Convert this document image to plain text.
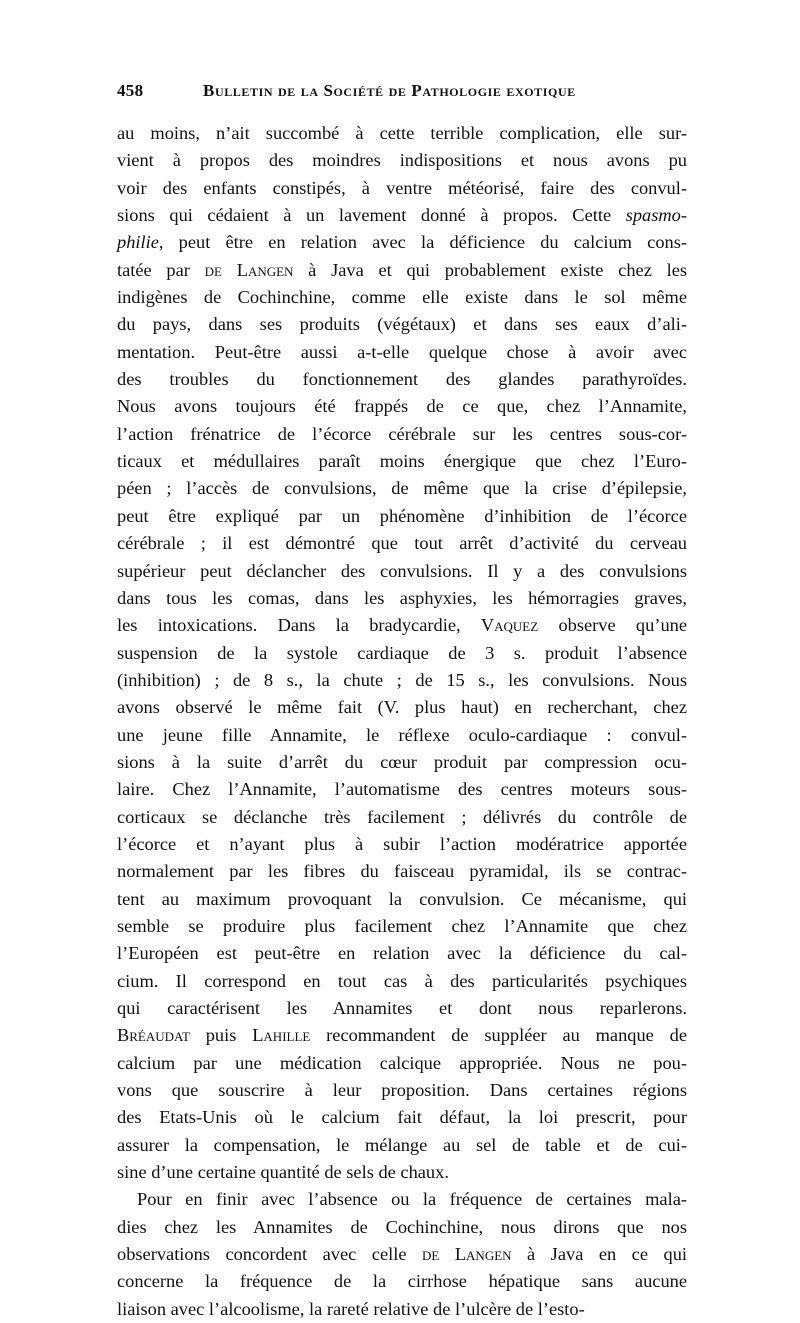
458	Bulletin de la Société de Pathologie exotique

au moins, n’ait succombé à cette terrible complication, elle sur-
vient à propos des moindres indispositions et nous avons pu
voir des enfants constipés, à ventre météorisé, faire des convul-
sions qui cédaient à un lavement donné à propos. Cette spasmo-
philie, peut être en relation avec la déficience du calcium cons-
tatée par de Langen à Java et qui probablement existe chez les
indigènes de Cochinchine, comme elle existe dans le sol même
du pays, dans ses produits (végétaux) et dans ses eaux d’ali-
mentation. Peut-être aussi a-t-elle quelque chose à avoir avec
des troubles du fonctionnement des glandes parathyroïdes.
Nous avons toujours été frappés de ce que, chez l’Annamite,
l’action frénatrice de l’écorce cérébrale sur les centres sous-cor-
ticaux et médullaires paraît moins énergique que chez l’Euro-
péen ; l’accès de convulsions, de même que la crise d’épilepsie,
peut être expliqué par un phénomène d’inhibition de l’écorce
cérébrale ; il est démontré que tout arrêt d’activité du cerveau
supérieur peut déclancher des convulsions. Il y a des convulsions
dans tous les comas, dans les asphyxies, les hémorragies graves,
les intoxications. Dans la bradycardie, Vaquez observe qu’une
suspension de la systole cardiaque de 3 s. produit l’absence
(inhibition) ; de 8 s., la chute ; de 15 s., les convulsions. Nous
avons observé le même fait (V. plus haut) en recherchant, chez
une jeune fille Annamite, le réflexe oculo-cardiaque : convul-
sions à la suite d’arrêt du cœur produit par compression ocu-
laire. Chez l’Annamite, l’automatisme des centres moteurs sous-
corticaux se déclanche très facilement ; délivrés du contrôle de
l’écorce et n’ayant plus à subir l’action modératrice apportée
normalement par les fibres du faisceau pyramidal, ils se contrac-
tent au maximum provoquant la convulsion. Ce mécanisme, qui
semble se produire plus facilement chez l’Annamite que chez
l’Européen est peut-être en relation avec la déficience du cal-
cium. Il correspond en tout cas à des particularités psychiques
qui caractérisent les Annamites et dont nous reparlerons.
Bréaudat puis Lahille recommandent de suppléer au manque de
calcium par une médication calcique appropriée. Nous ne pou-
vons que souscrire à leur proposition. Dans certaines régions
des Etats-Unis où le calcium fait défaut, la loi prescrit, pour
assurer la compensation, le mélange au sel de table et de cui-
sine d’une certaine quantité de sels de chaux.

Pour en finir avec l’absence ou la fréquence de certaines mala-
dies chez les Annamites de Cochinchine, nous dirons que nos
observations concordent avec celle de Langen à Java en ce qui
concerne la fréquence de la cirrhose hépatique sans aucune
liaison avec l’alcoolisme, la rareté relative de l’ulcère de l’esto-
